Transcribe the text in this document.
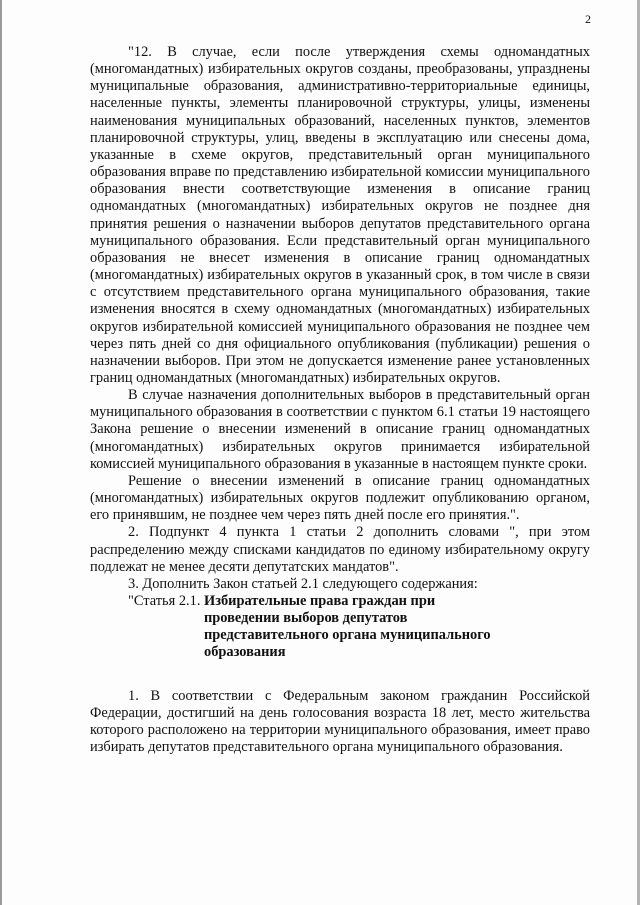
2

"12. В случае, если после утверждения схемы одномандатных (многомандатных) избирательных округов созданы, преобразованы, упразднены муниципальные образования, административно-территориальные единицы, населенные пункты, элементы планировочной структуры, улицы, изменены наименования муниципальных образований, населенных пунктов, элементов планировочной структуры, улиц, введены в эксплуатацию или снесены дома, указанные в схеме округов, представительный орган муниципального образования вправе по представлению избирательной комиссии муниципального образования внести соответствующие изменения в описание границ одномандатных (многомандатных) избирательных округов не позднее дня принятия решения о назначении выборов депутатов представительного органа муниципального образования. Если представительный орган муниципального образования не внесет изменения в описание границ одномандатных (многомандатных) избирательных округов в указанный срок, в том числе в связи с отсутствием представительного органа муниципального образования, такие изменения вносятся в схему одномандатных (многомандатных) избирательных округов избирательной комиссией муниципального образования не позднее чем через пять дней со дня официального опубликования (публикации) решения о назначении выборов. При этом не допускается изменение ранее установленных границ одномандатных (многомандатных) избирательных округов.

В случае назначения дополнительных выборов в представительный орган муниципального образования в соответствии с пунктом 6.1 статьи 19 настоящего Закона решение о внесении изменений в описание границ одномандатных (многомандатных) избирательных округов принимается избирательной комиссией муниципального образования в указанные в настоящем пункте сроки.

Решение о внесении изменений в описание границ одномандатных (многомандатных) избирательных округов подлежит опубликованию органом, его принявшим, не позднее чем через пять дней после его принятия.".

2. Подпункт 4 пункта 1 статьи 2 дополнить словами ", при этом распределению между списками кандидатов по единому избирательному округу подлежат не менее десяти депутатских мандатов".

3. Дополнить Закон статьей 2.1 следующего содержания:

"Статья 2.1. Избирательные права граждан при проведении выборов депутатов представительного органа муниципального образования

1. В соответствии с Федеральным законом гражданин Российской Федерации, достигший на день голосования возраста 18 лет, место жительства которого расположено на территории муниципального образования, имеет право избирать депутатов представительного органа муниципального образования.
